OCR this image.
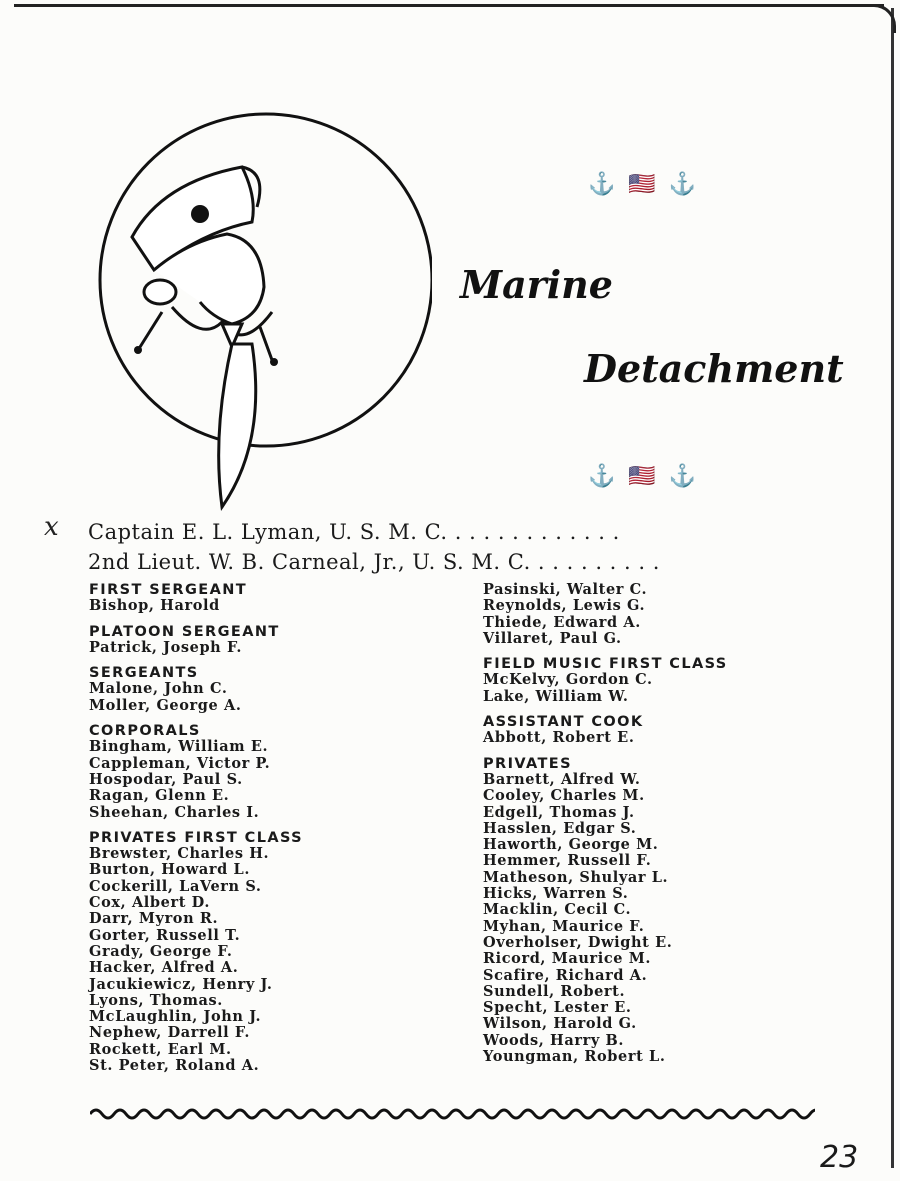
⚓ 🇺🇸 ⚓
Marine
Detachment
⚓ 🇺🇸 ⚓
x Captain E. L. Lyman, U. S. M. C. . . . . . . . . . . . .
2nd Lieut. W. B. Carneal, Jr., U. S. M. C. . . . . . . . . .
FIRST SERGEANT
Bishop, Harold
PLATOON SERGEANT
Patrick, Joseph F.
SERGEANTS
Malone, John C.
Moller, George A.
CORPORALS
Bingham, William E.
Cappleman, Victor P.
Hospodar, Paul S.
Ragan, Glenn E.
Sheehan, Charles I.
PRIVATES FIRST CLASS
Brewster, Charles H.
Burton, Howard L.
Cockerill, LaVern S.
Cox, Albert D.
Darr, Myron R.
Gorter, Russell T.
Grady, George F.
Hacker, Alfred A.
Jacukiewicz, Henry J.
Lyons, Thomas.
McLaughlin, John J.
Nephew, Darrell F.
Rockett, Earl M.
St. Peter, Roland A.
Pasinski, Walter C.
Reynolds, Lewis G.
Thiede, Edward A.
Villaret, Paul G.
FIELD MUSIC FIRST CLASS
McKelvy, Gordon C.
Lake, William W.
ASSISTANT COOK
Abbott, Robert E.
PRIVATES
Barnett, Alfred W.
Cooley, Charles M.
Edgell, Thomas J.
Hasslen, Edgar S.
Haworth, George M.
Hemmer, Russell F.
Matheson, Shulyar L.
Hicks, Warren S.
Macklin, Cecil C.
Myhan, Maurice F.
Overholser, Dwight E.
Ricord, Maurice M.
Scafire, Richard A.
Sundell, Robert.
Specht, Lester E.
Wilson, Harold G.
Woods, Harry B.
Youngman, Robert L.
23
